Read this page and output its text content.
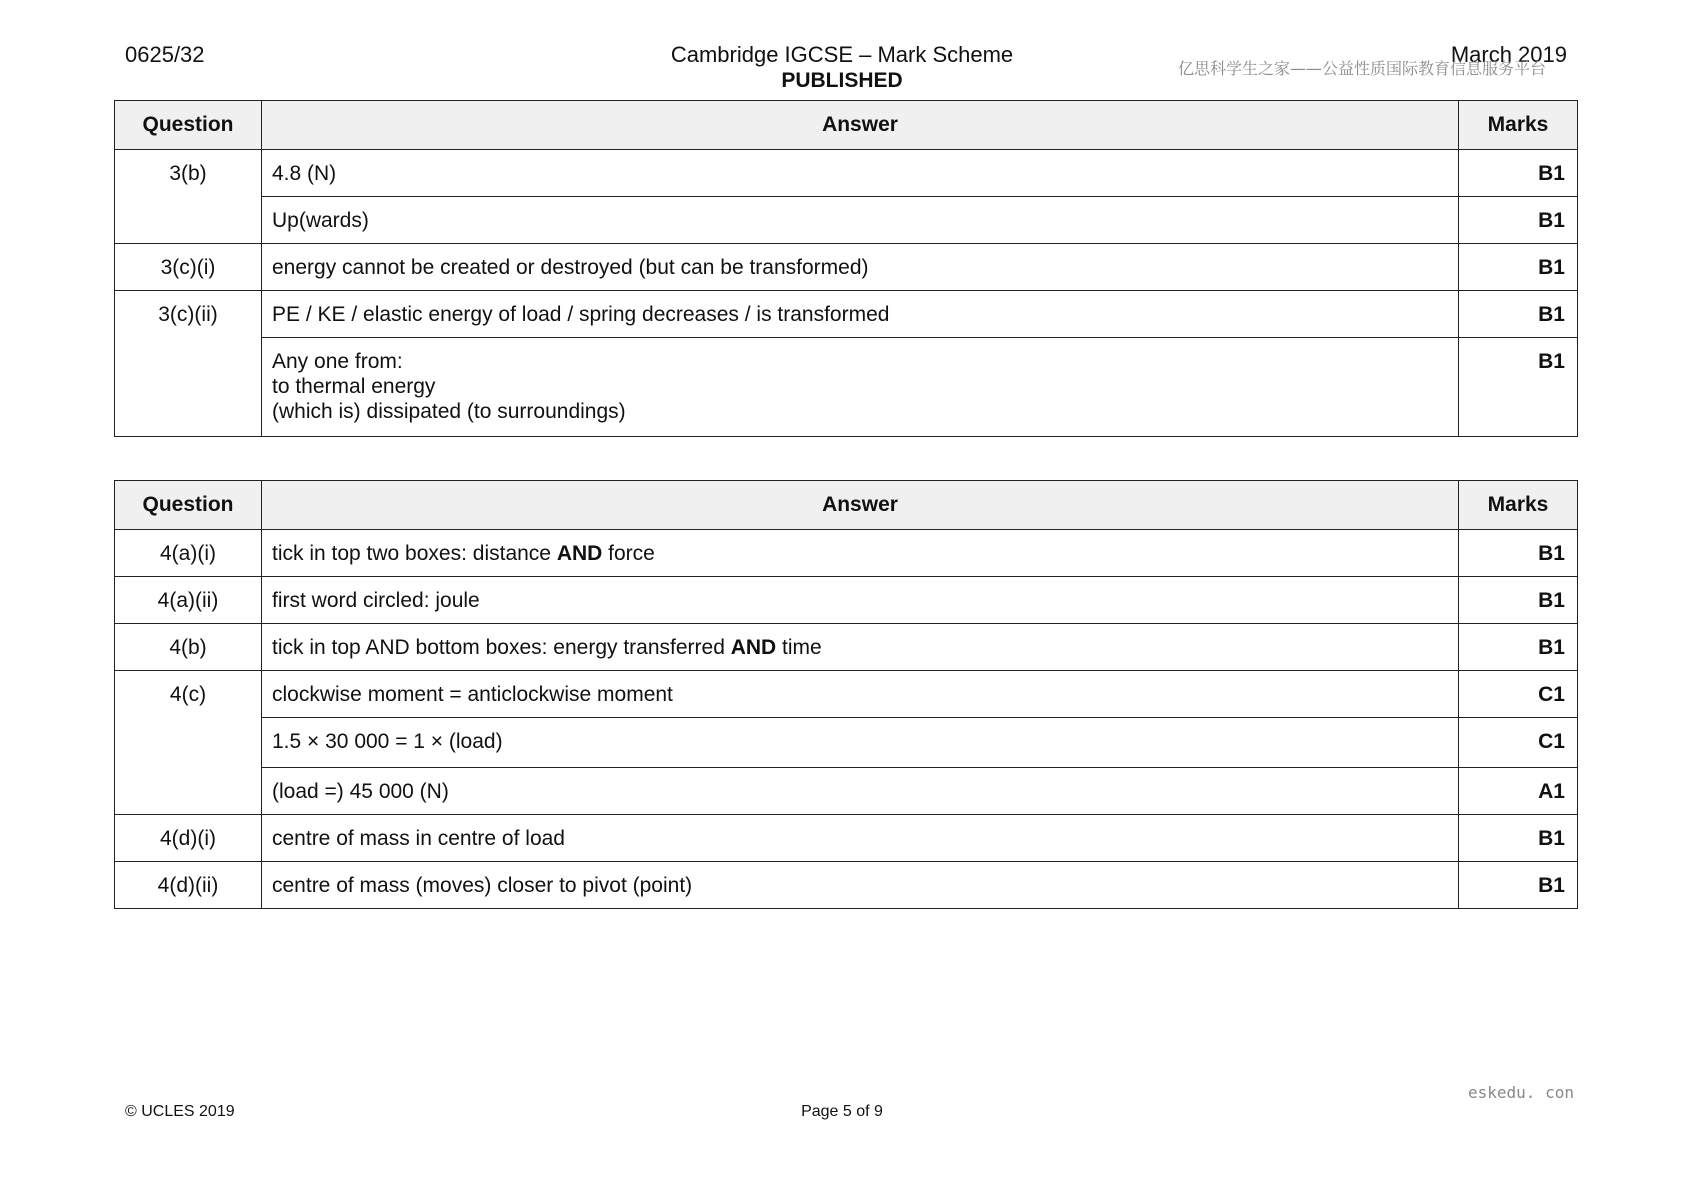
0625/32	Cambridge IGCSE – Mark Scheme
PUBLISHED
March 2019
亿思科学生之家——公益性质国际教育信息服务平台
Question	Answer	Marks
3(b)	4.8 (N)	B1
	Up(wards)	B1
3(c)(i)	energy cannot be created or destroyed (but can be transformed)	B1
3(c)(ii)	PE / KE / elastic energy of load / spring decreases / is transformed	B1

	Any one from:
to thermal energy
(which is) dissipated (to surroundings)	B1
Question	Answer	Marks
4(a)(i)	tick in top two boxes: distance AND force	B1
4(a)(ii)	first word circled: joule	B1
4(b)	tick in top AND bottom boxes: energy transferred AND time	B1
4(c)	clockwise moment = anticlockwise moment	C1
	1.5 × 30 000 = 1 × (load)	C1
	(load =) 45 000 (N)	A1
4(d)(i)	centre of mass in centre of load	B1
4(d)(ii)	centre of mass (moves) closer to pivot (point)	B1
eskedu. con
© UCLES 2019	Page 5 of 9
